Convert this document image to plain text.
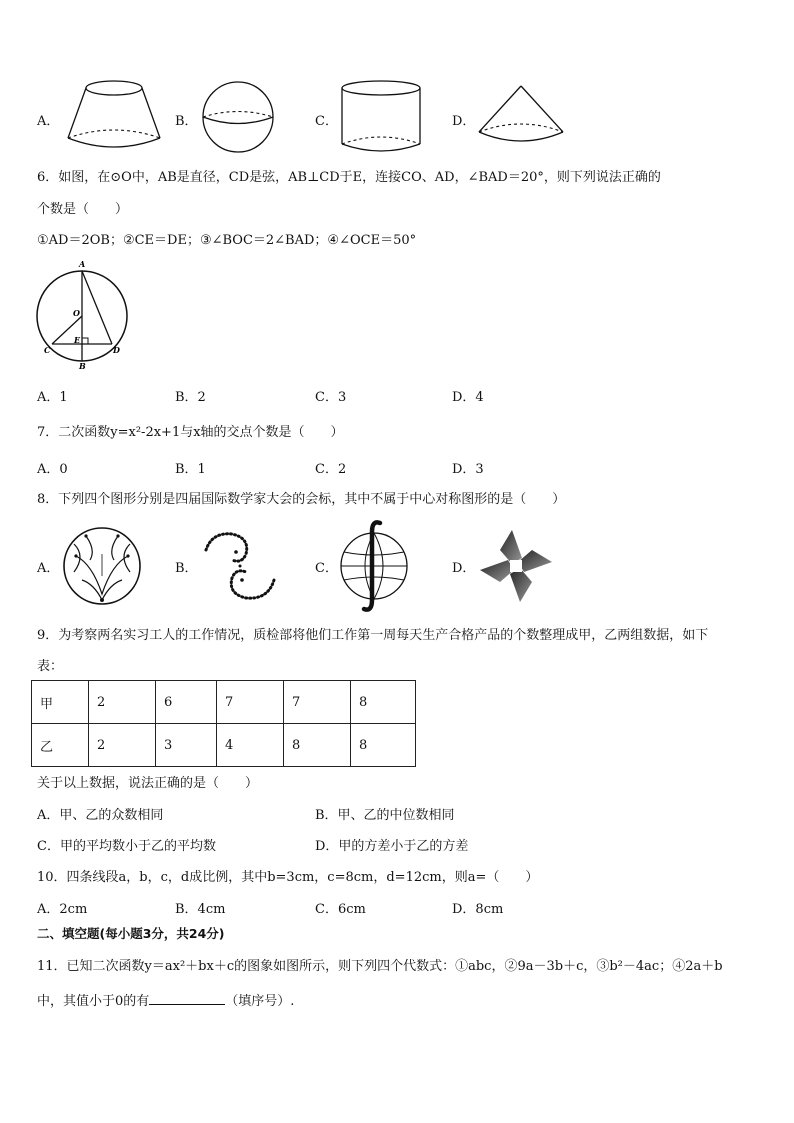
A．	B．	C．	D．
6．如图，在⊙O中，AB是直径，CD是弦，AB⊥CD于E，连接CO、AD，∠BAD＝20°，则下列说法正确的
个数是（　　）
①AD＝2OB；②CE＝DE；③∠BOC＝2∠BAD；④∠OCE＝50°
A
O
E
C
B
D
A．1	B．2	C．3	D．4
7．二次函数y=x²-2x+1与x轴的交点个数是（　　）
A．0	B．1	C．2	D．3
8．下列四个图形分别是四届国际数学家大会的会标，其中不属于中心对称图形的是（　　）
A．	B．	C．	D．
9．为考察两名实习工人的工作情况，质检部将他们工作第一周每天生产合格产品的个数整理成甲，乙两组数据，如下
表：
甲	2	6	7	7	8
乙	2	3	4	8	8
关于以上数据，说法正确的是（　　）
A．甲、乙的众数相同	B．甲、乙的中位数相同
C．甲的平均数小于乙的平均数	D．甲的方差小于乙的方差
10．四条线段a，b，c，d成比例，其中b=3cm，c=8cm，d=12cm，则a=（　　）
A．2cm	B．4cm	C．6cm	D．8cm
二、填空题(每小题3分，共24分)
11．已知二次函数y＝ax²＋bx＋c的图象如图所示，则下列四个代数式：①abc，②9a－3b＋c，③b²－4ac；④2a＋b
中，其值小于0的有	（填序号）.
